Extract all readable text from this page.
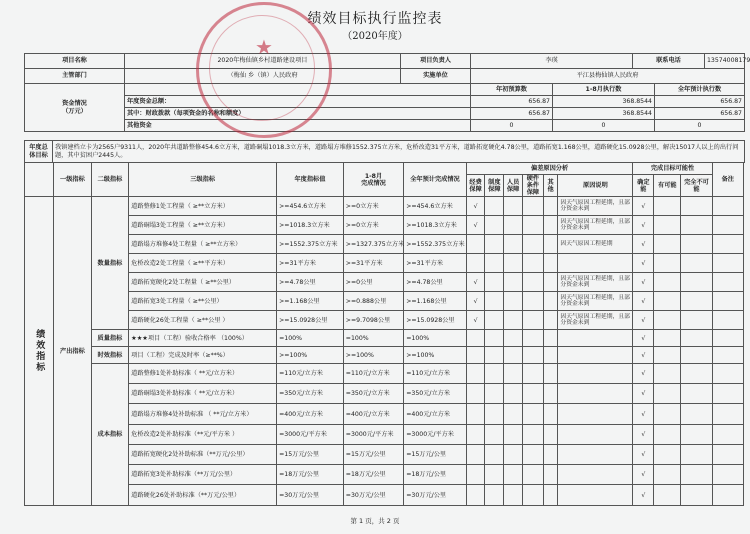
绩效目标执行监控表
（2020年度）
项目名称	2020年梅仙镇乡村道路建设项目	项目负责人	李瑛		联系电话		13574008179
主管部门	（梅仙 乡（镇）人民政府	实施单位	平江县梅仙镇人民政府				
资金情况
（万元）			年初预算数	1-8月执行数		全年预计执行数	
	年度资金总额：		656.87	368.8544		656.87	
	其中：财政拨款（每项资金的名称和额度）		656.87	368.8544		656.87	
	其他资金		0	0		0	
年度总体目标	我镇建档立卡为2565户9311人，2020年共道路整修454.6立方米，道路硐塌1018.3立方米，道路塌方堆修1552.375立方米，危桥改造31平方米，道路拓宽硬化4.78公里，道路拓宽1.168公里，道路硬化15.0928公里，解决15017人以上的出行问题，其中贫困户2445人。
	一级指标	二级指标	三级指标	年度指标值	1-8月
完成情况	全年预计完成情况	偏差原因分析						完成目标可能性			备注
							经费保障	制度保障	人员保障	硬件条件保障	其他	原因说明	确定能	有可能	完全不可能	
绩效指标	产出指标	数量指标	道路整修1处工程量（ ≥**立方米）	>=454.6立方米	>=0立方米	>=454.6立方米	√					因天气原因工程延期，且部分资金未到	√			
			道路硐塌3处工程量（ ≥**立方米）	>=1018.3立方米	>=0立方米	>=1018.3立方米	√					因天气原因工程延期，且部分资金未到	√			
			道路塌方堆修4处工程量（ ≥**立方米）	>=1552.375立方米	>=1327.375立方米	>=1552.375立方米						因天气原因工程延期	√			
			危桥改造2处工程量（ ≥**平方米）	>=31平方米	>=31平方米	>=31平方米							√			
			道路拓宽硬化2处工程量（ ≥**公里）	>=4.78公里	>=0公里	>=4.78公里	√					因天气原因工程延期，且部分资金未到	√			
			道路拓宽3处工程量（ ≥**公里）	>=1.168公里	>=0.888公里	>=1.168公里	√					因天气原因工程延期，且部分资金未到	√			
			道路硬化26处工程量（ ≥**公里 ）	>=15.0928公里	>=9.7098公里	>=15.0928公里	√					因天气原因工程延期，且部分资金未到	√			
		质量指标	★★★项目（工程）验收合格率 （100%）	=100%	=100%	=100%							√			
		时效指标	项目（工程）完成及时率（≥**%）	>=100%	>=100%	>=100%							√			
		成本指标	道路整修1处补助标准（ **元/立方米）	=110元/立方米	=110元/立方米	=110元/立方米							√			
			道路硐塌3处补助标准（ **元/立方米）	=350元/立方米	=350元/立方米	=350元/立方米							√			
			道路塌方堆修4处补助标准 （ **元/立方米）	=400元/立方米	=400元/立方米	=400元/立方米							√			
			危桥改造2处补助标准（**元/平方米 ）	=3000元/平方米	=3000元/平方米	=3000元/平方米							√			
			道路拓宽硬化2处补助标准（**万元/公里）	=15万元/公里	=15万元/公里	=15万元/公里							√			
			道路拓宽3处补助标准（**万元/公里）	=18万元/公里	=18万元/公里	=18万元/公里							√			
			道路硬化26处补助标准（**万元/公里）	=30万元/公里	=30万元/公里	=30万元/公里							√			
第 1 页，共 2 页
★
